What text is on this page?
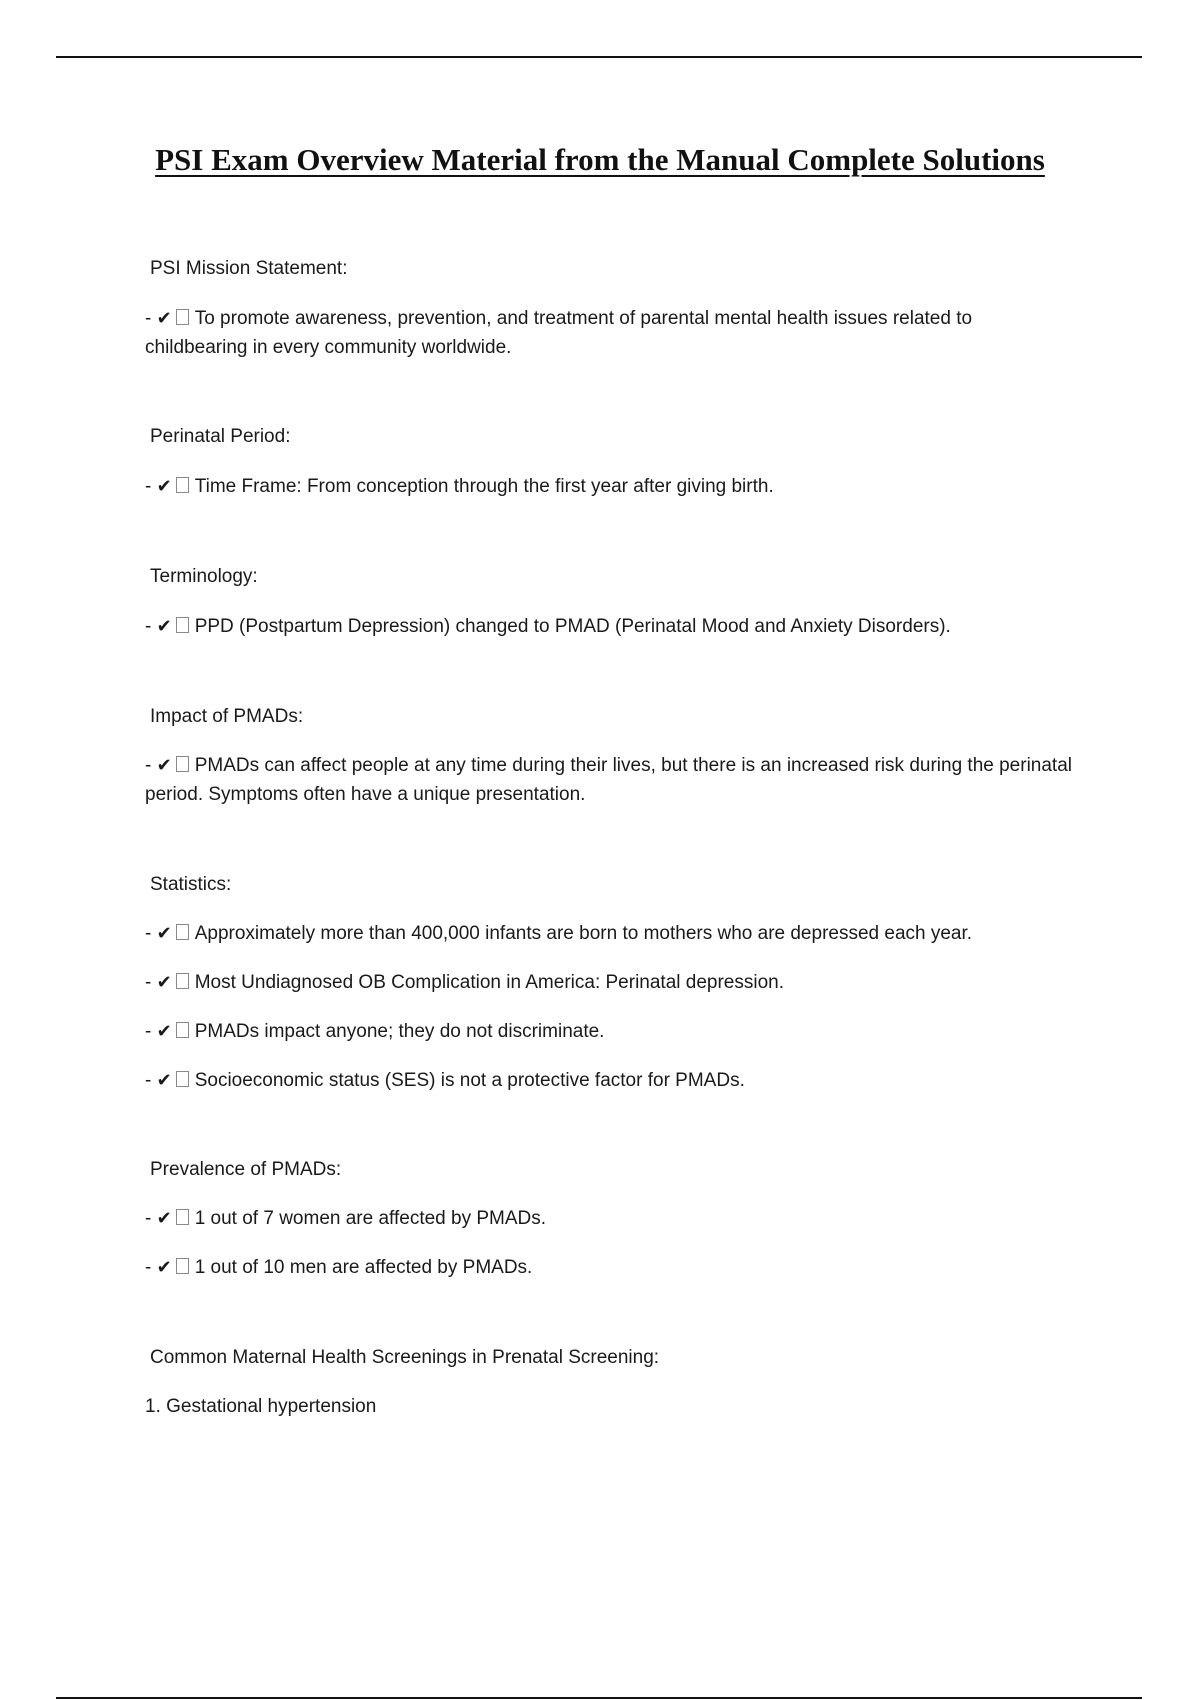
PSI Exam Overview Material from the Manual Complete Solutions

PSI Mission Statement:

- ✔ To promote awareness, prevention, and treatment of parental mental health issues related to childbearing in every community worldwide.

Perinatal Period:

- ✔ Time Frame: From conception through the first year after giving birth.

Terminology:

- ✔ PPD (Postpartum Depression) changed to PMAD (Perinatal Mood and Anxiety Disorders).

Impact of PMADs:

- ✔ PMADs can affect people at any time during their lives, but there is an increased risk during the perinatal period. Symptoms often have a unique presentation.

Statistics:

- ✔ Approximately more than 400,000 infants are born to mothers who are depressed each year.

- ✔ Most Undiagnosed OB Complication in America: Perinatal depression.

- ✔ PMADs impact anyone; they do not discriminate.

- ✔ Socioeconomic status (SES) is not a protective factor for PMADs.

Prevalence of PMADs:

- ✔ 1 out of 7 women are affected by PMADs.

- ✔ 1 out of 10 men are affected by PMADs.

Common Maternal Health Screenings in Prenatal Screening:

1. Gestational hypertension
